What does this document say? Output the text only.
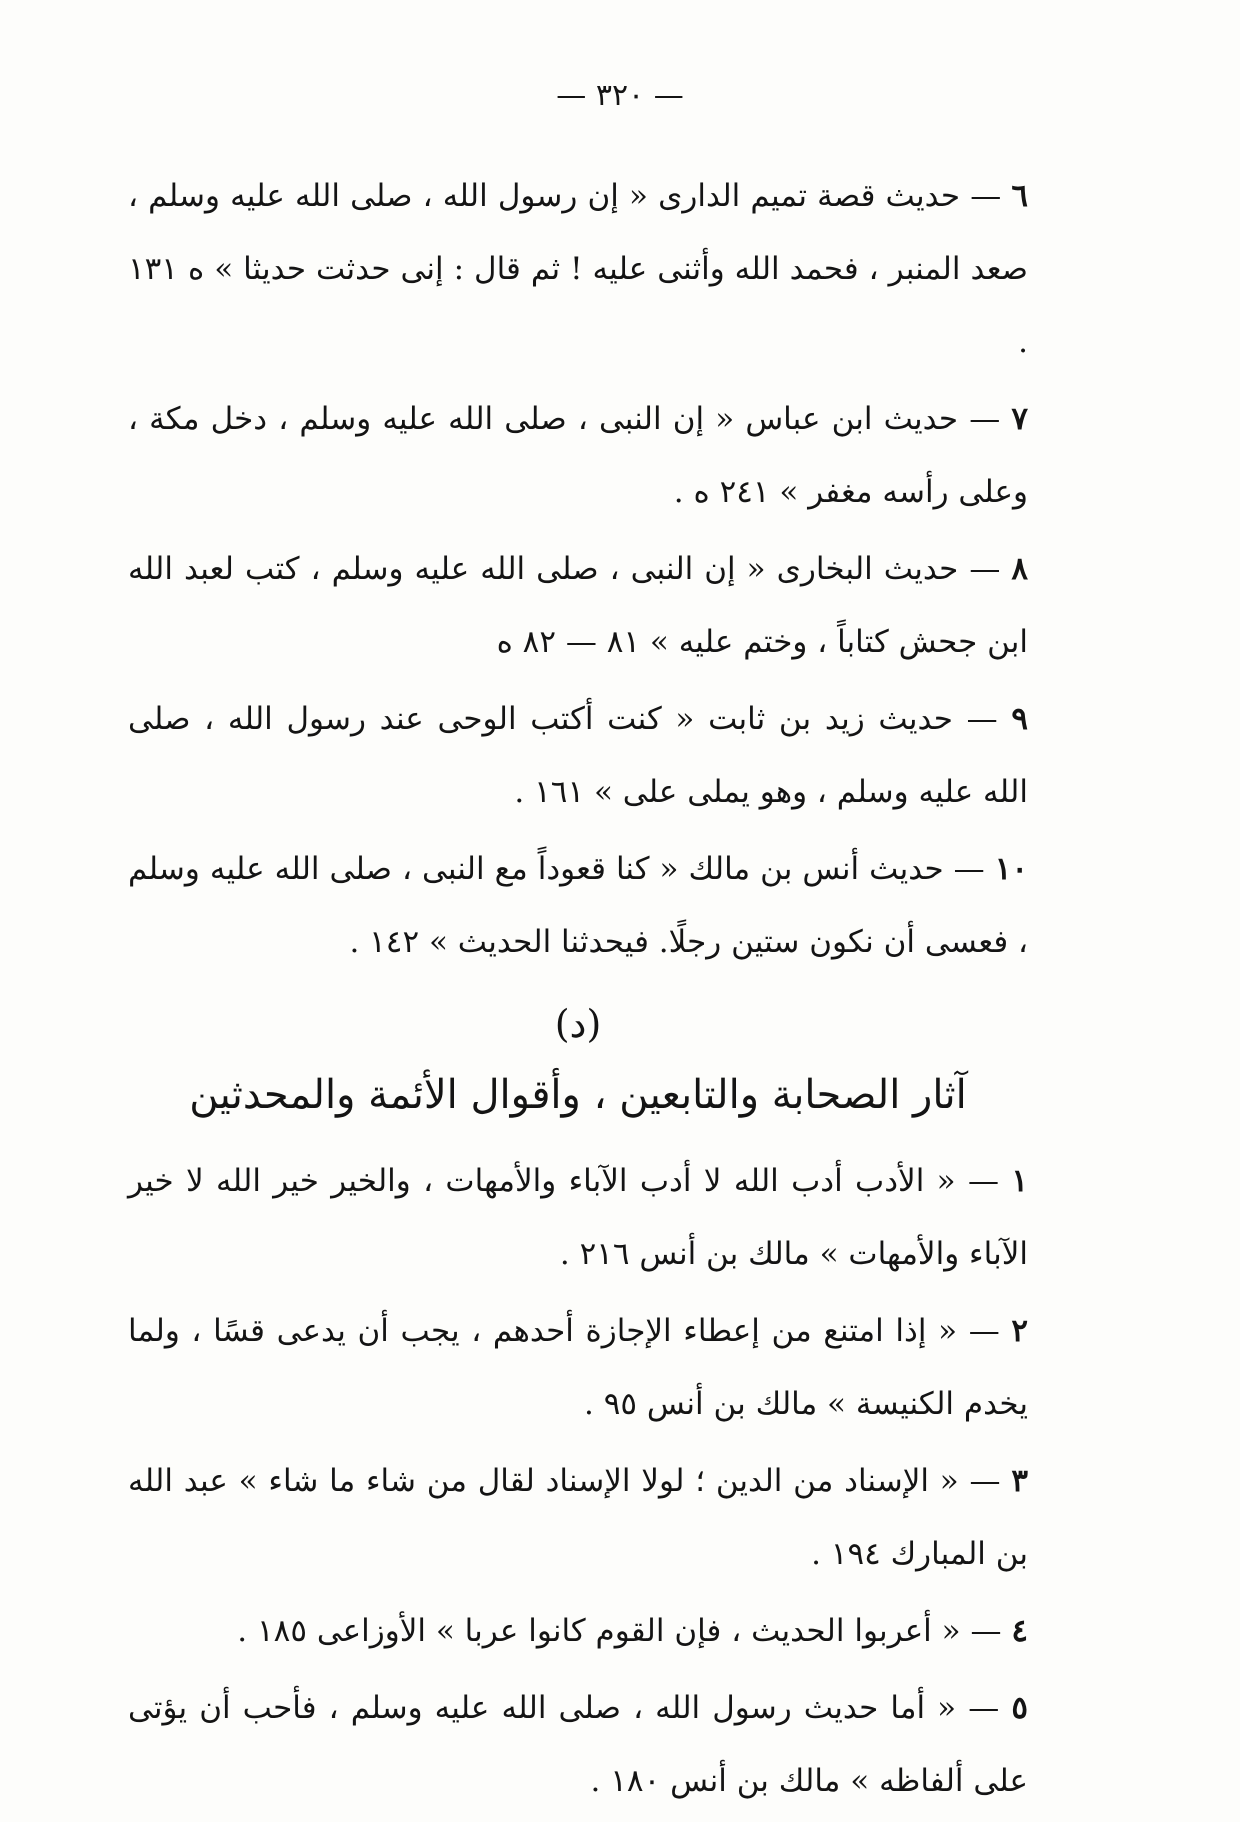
— ٣٢٠ —

٦ — حديث قصة تميم الدارى « إن رسول الله ، صلى الله عليه وسلم ، صعد المنبر ، فحمد الله وأثنى عليه ! ثم قال : إنى حدثت حديثا » ه ١٣١ .

٧ — حديث ابن عباس « إن النبى ، صلى الله عليه وسلم ، دخل مكة ، وعلى رأسه مغفر » ٢٤١ ه .

٨ — حديث البخارى « إن النبى ، صلى الله عليه وسلم ، كتب لعبد الله ابن جحش كتاباً ، وختم عليه » ٨١ — ٨٢ ه

٩ — حديث زيد بن ثابت « كنت أكتب الوحى عند رسول الله ، صلى الله عليه وسلم ، وهو يملى على » ١٦١ .

١٠ — حديث أنس بن مالك « كنا قعوداً مع النبى ، صلى الله عليه وسلم ، فعسى أن نكون ستين رجلًا. فيحدثنا الحديث » ١٤٢ .

(د)
آثار الصحابة والتابعين ، وأقوال الأئمة والمحدثين

١ — « الأدب أدب الله لا أدب الآباء والأمهات ، والخير خير الله لا خير الآباء والأمهات » مالك بن أنس ٢١٦ .

٢ — « إذا امتنع من إعطاء الإجازة أحدهم ، يجب أن يدعى قسًا ، ولما يخدم الكنيسة » مالك بن أنس ٩٥ .

٣ — « الإسناد من الدين ؛ لولا الإسناد لقال من شاء ما شاء » عبد الله بن المبارك ١٩٤ .

٤ — « أعربوا الحديث ، فإن القوم كانوا عربا » الأوزاعى ١٨٥ .

٥ — « أما حديث رسول الله ، صلى الله عليه وسلم ، فأحب أن يؤتى على ألفاظه » مالك بن أنس ١٨٠ .
